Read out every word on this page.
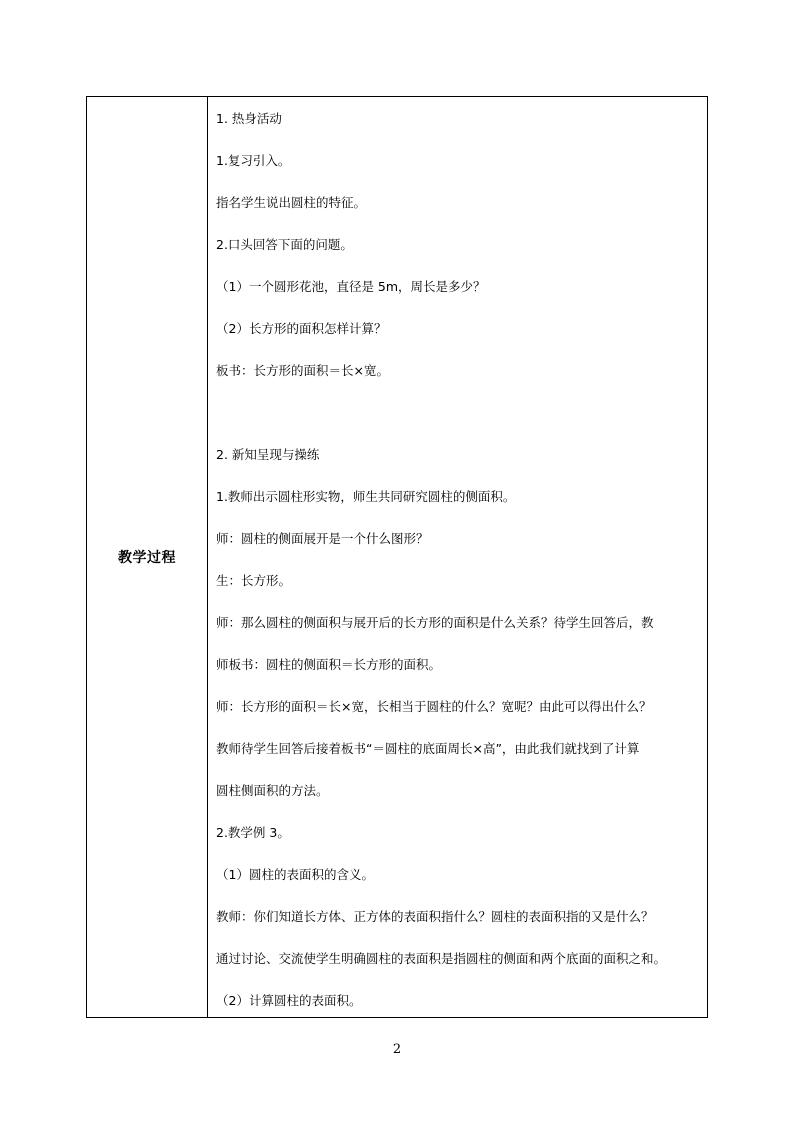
教学过程
1. 热身活动
1.复习引入。
指名学生说出圆柱的特征。
2.口头回答下面的问题。
（1）一个圆形花池，直径是 5m，周长是多少？
（2）长方形的面积怎样计算？
板书：长方形的面积＝长×宽。
2. 新知呈现与操练
1.教师出示圆柱形实物，师生共同研究圆柱的侧面积。
师：圆柱的侧面展开是一个什么图形？
生：长方形。
师：那么圆柱的侧面积与展开后的长方形的面积是什么关系？待学生回答后，教
师板书：圆柱的侧面积＝长方形的面积。
师：长方形的面积＝长×宽，长相当于圆柱的什么？宽呢？由此可以得出什么？
教师待学生回答后接着板书“＝圆柱的底面周长×高”，由此我们就找到了计算
圆柱侧面积的方法。
2.教学例 3。
（1）圆柱的表面积的含义。
教师：你们知道长方体、正方体的表面积指什么？圆柱的表面积指的又是什么？
通过讨论、交流使学生明确圆柱的表面积是指圆柱的侧面和两个底面的面积之和。
（2）计算圆柱的表面积。
2
